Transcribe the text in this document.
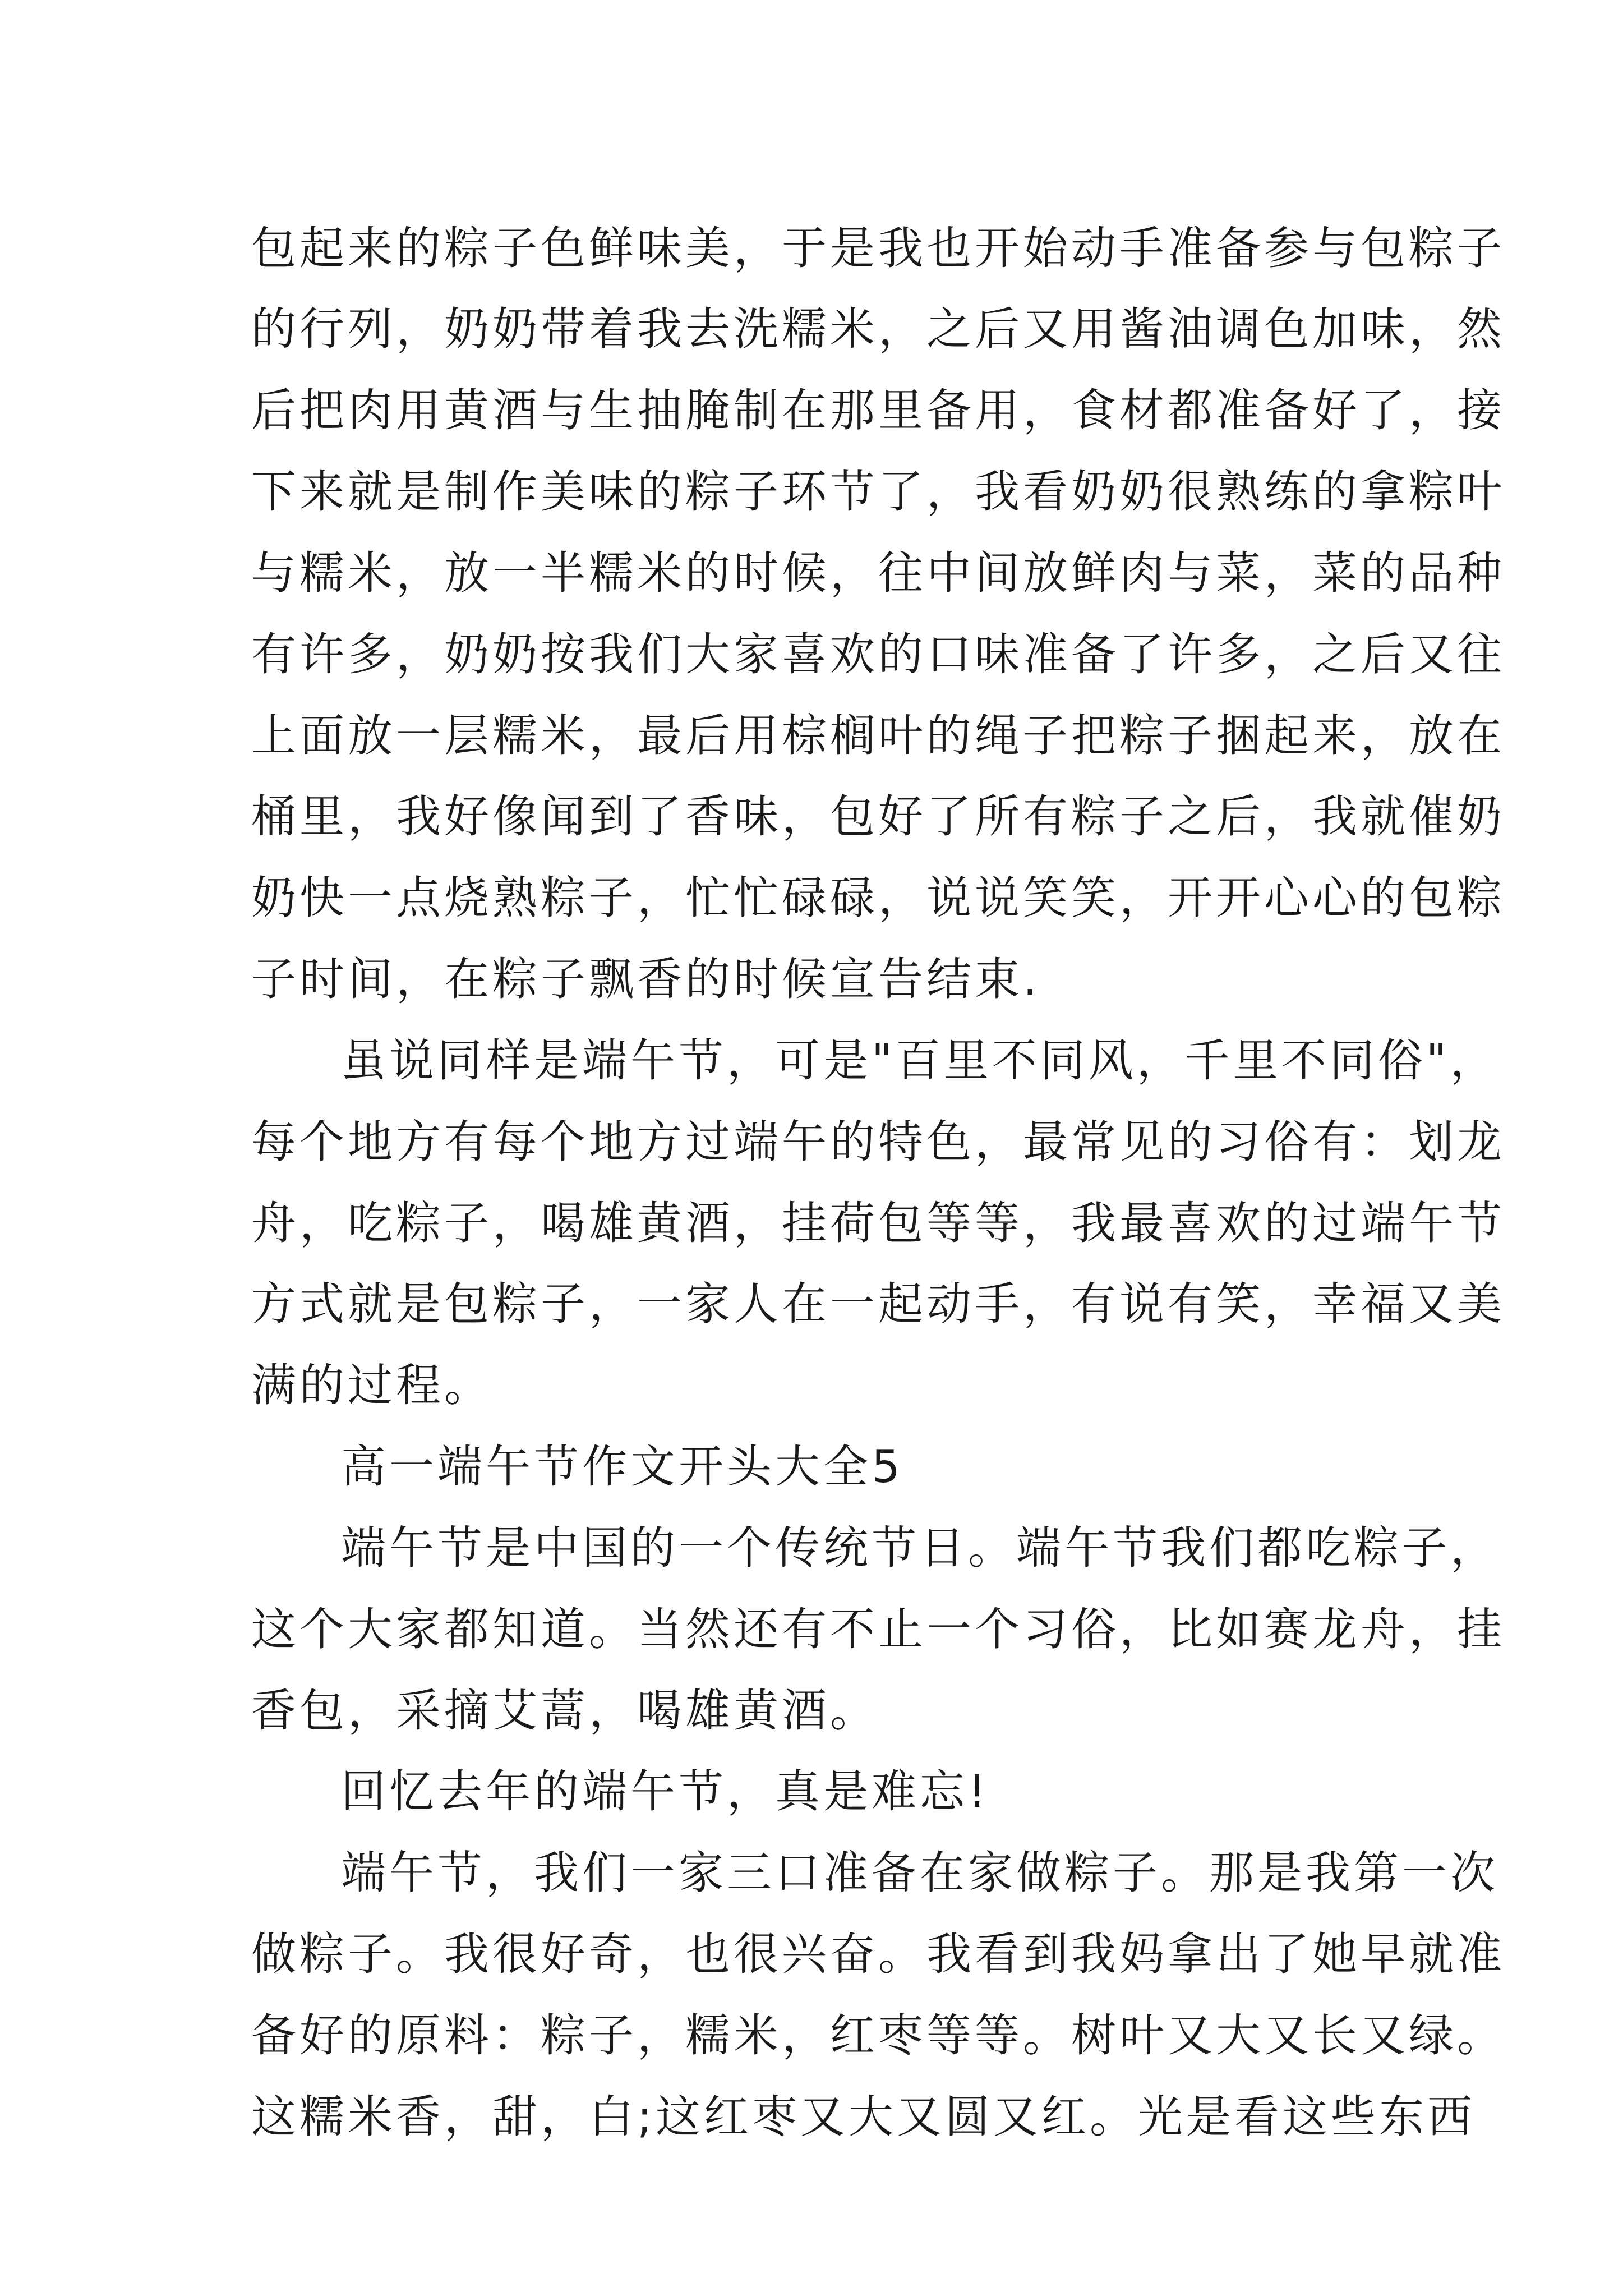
包起来的粽子色鲜味美，于是我也开始动手准备参与包粽子
的行列，奶奶带着我去洗糯米，之后又用酱油调色加味，然
后把肉用黄酒与生抽腌制在那里备用，食材都准备好了，接
下来就是制作美味的粽子环节了，我看奶奶很熟练的拿粽叶
与糯米，放一半糯米的时候，往中间放鲜肉与菜，菜的品种
有许多，奶奶按我们大家喜欢的口味准备了许多，之后又往
上面放一层糯米，最后用棕榈叶的绳子把粽子捆起来，放在
桶里，我好像闻到了香味，包好了所有粽子之后，我就催奶
奶快一点烧熟粽子，忙忙碌碌，说说笑笑，开开心心的包粽
子时间，在粽子飘香的时候宣告结束.
虽说同样是端午节，可是"百里不同风，千里不同俗"，
每个地方有每个地方过端午的特色，最常见的习俗有：划龙
舟，吃粽子，喝雄黄酒，挂荷包等等，我最喜欢的过端午节
方式就是包粽子，一家人在一起动手，有说有笑，幸福又美
满的过程。
高一端午节作文开头大全5
端午节是中国的一个传统节日。端午节我们都吃粽子，
这个大家都知道。当然还有不止一个习俗，比如赛龙舟，挂
香包，采摘艾蒿，喝雄黄酒。
回忆去年的端午节，真是难忘!
端午节，我们一家三口准备在家做粽子。那是我第一次
做粽子。我很好奇，也很兴奋。我看到我妈拿出了她早就准
备好的原料：粽子，糯米，红枣等等。树叶又大又长又绿。
这糯米香，甜，白;这红枣又大又圆又红。光是看这些东西
